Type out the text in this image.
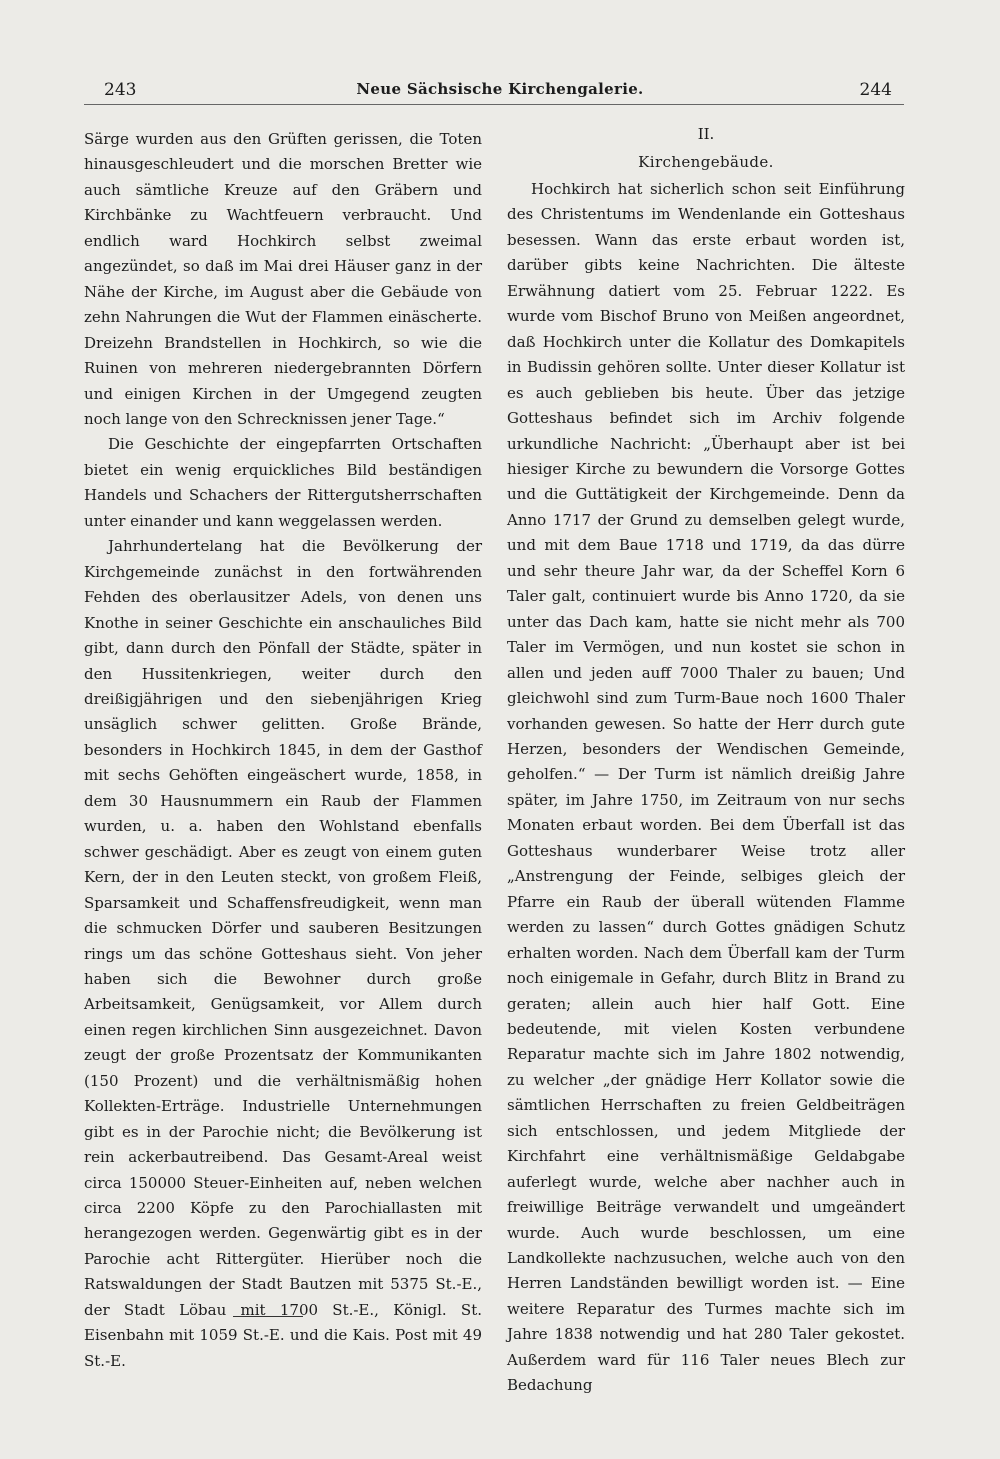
243	Neue Sächsische Kirchengalerie.	244

Särge wurden aus den Grüften gerissen, die Toten hinausgeschleudert und die morschen Bretter wie auch sämtliche Kreuze auf den Gräbern und Kirchbänke zu Wachtfeuern verbraucht. Und endlich ward Hochkirch selbst zweimal angezündet, so daß im Mai drei Häuser ganz in der Nähe der Kirche, im August aber die Gebäude von zehn Nahrungen die Wut der Flammen einäscherte. Dreizehn Brandstellen in Hochkirch, so wie die Ruinen von mehreren niedergebrannten Dörfern und einigen Kirchen in der Umgegend zeugten noch lange von den Schrecknissen jener Tage.“

Die Geschichte der eingepfarrten Ortschaften bietet ein wenig erquickliches Bild beständigen Handels und Schachers der Rittergutsherrschaften unter einander und kann weggelassen werden.

Jahrhundertelang hat die Bevölkerung der Kirchgemeinde zunächst in den fortwährenden Fehden des oberlausitzer Adels, von denen uns Knothe in seiner Geschichte ein anschauliches Bild gibt, dann durch den Pönfall der Städte, später in den Hussitenkriegen, weiter durch den dreißigjährigen und den siebenjährigen Krieg unsäglich schwer gelitten. Große Brände, besonders in Hochkirch 1845, in dem der Gasthof mit sechs Gehöften eingeäschert wurde, 1858, in dem 30 Hausnummern ein Raub der Flammen wurden, u. a. haben den Wohlstand ebenfalls schwer geschädigt. Aber es zeugt von einem guten Kern, der in den Leuten steckt, von großem Fleiß, Sparsamkeit und Schaffensfreudigkeit, wenn man die schmucken Dörfer und sauberen Besitzungen rings um das schöne Gotteshaus sieht. Von jeher haben sich die Bewohner durch große Arbeitsamkeit, Genügsamkeit, vor Allem durch einen regen kirchlichen Sinn ausgezeichnet. Davon zeugt der große Prozentsatz der Kommunikanten (150 Prozent) und die verhältnismäßig hohen Kollekten-Erträge. Industrielle Unternehmungen gibt es in der Parochie nicht; die Bevölkerung ist rein ackerbautreibend. Das Gesamt-Areal weist circa 150000 Steuer-Einheiten auf, neben welchen circa 2200 Köpfe zu den Parochiallasten mit herangezogen werden. Gegenwärtig gibt es in der Parochie acht Rittergüter. Hierüber noch die Ratswaldungen der Stadt Bautzen mit 5375 St.-E., der Stadt Löbau mit 1700 St.-E., Königl. St. Eisenbahn mit 1059 St.-E. und die Kais. Post mit 49 St.-E.

II.

Kirchengebäude.

Hochkirch hat sicherlich schon seit Einführung des Christentums im Wendenlande ein Gotteshaus besessen. Wann das erste erbaut worden ist, darüber gibts keine Nachrichten. Die älteste Erwähnung datiert vom 25. Februar 1222. Es wurde vom Bischof Bruno von Meißen angeordnet, daß Hochkirch unter die Kollatur des Domkapitels in Budissin gehören sollte. Unter dieser Kollatur ist es auch geblieben bis heute. Über das jetzige Gotteshaus befindet sich im Archiv folgende urkundliche Nachricht: „Überhaupt aber ist bei hiesiger Kirche zu bewundern die Vorsorge Gottes und die Guttätigkeit der Kirchgemeinde. Denn da Anno 1717 der Grund zu demselben gelegt wurde, und mit dem Baue 1718 und 1719, da das dürre und sehr theure Jahr war, da der Scheffel Korn 6 Taler galt, continuiert wurde bis Anno 1720, da sie unter das Dach kam, hatte sie nicht mehr als 700 Taler im Vermögen, und nun kostet sie schon in allen und jeden auff 7000 Thaler zu bauen; Und gleichwohl sind zum Turm-Baue noch 1600 Thaler vorhanden gewesen. So hatte der Herr durch gute Herzen, besonders der Wendischen Gemeinde, geholfen.“ — Der Turm ist nämlich dreißig Jahre später, im Jahre 1750, im Zeitraum von nur sechs Monaten erbaut worden. Bei dem Überfall ist das Gotteshaus wunderbarer Weise trotz aller „Anstrengung der Feinde, selbiges gleich der Pfarre ein Raub der überall wütenden Flamme werden zu lassen“ durch Gottes gnädigen Schutz erhalten worden. Nach dem Überfall kam der Turm noch einigemale in Gefahr, durch Blitz in Brand zu geraten; allein auch hier half Gott. Eine bedeutende, mit vielen Kosten verbundene Reparatur machte sich im Jahre 1802 notwendig, zu welcher „der gnädige Herr Kollator sowie die sämtlichen Herrschaften zu freien Geldbeiträgen sich entschlossen, und jedem Mitgliede der Kirchfahrt eine verhältnismäßige Geldabgabe auferlegt wurde, welche aber nachher auch in freiwillige Beiträge verwandelt und umgeändert wurde. Auch wurde beschlossen, um eine Landkollekte nachzusuchen, welche auch von den Herren Landständen bewilligt worden ist. — Eine weitere Reparatur des Turmes machte sich im Jahre 1838 notwendig und hat 280 Taler gekostet. Außerdem ward für 116 Taler neues Blech zur Bedachung
